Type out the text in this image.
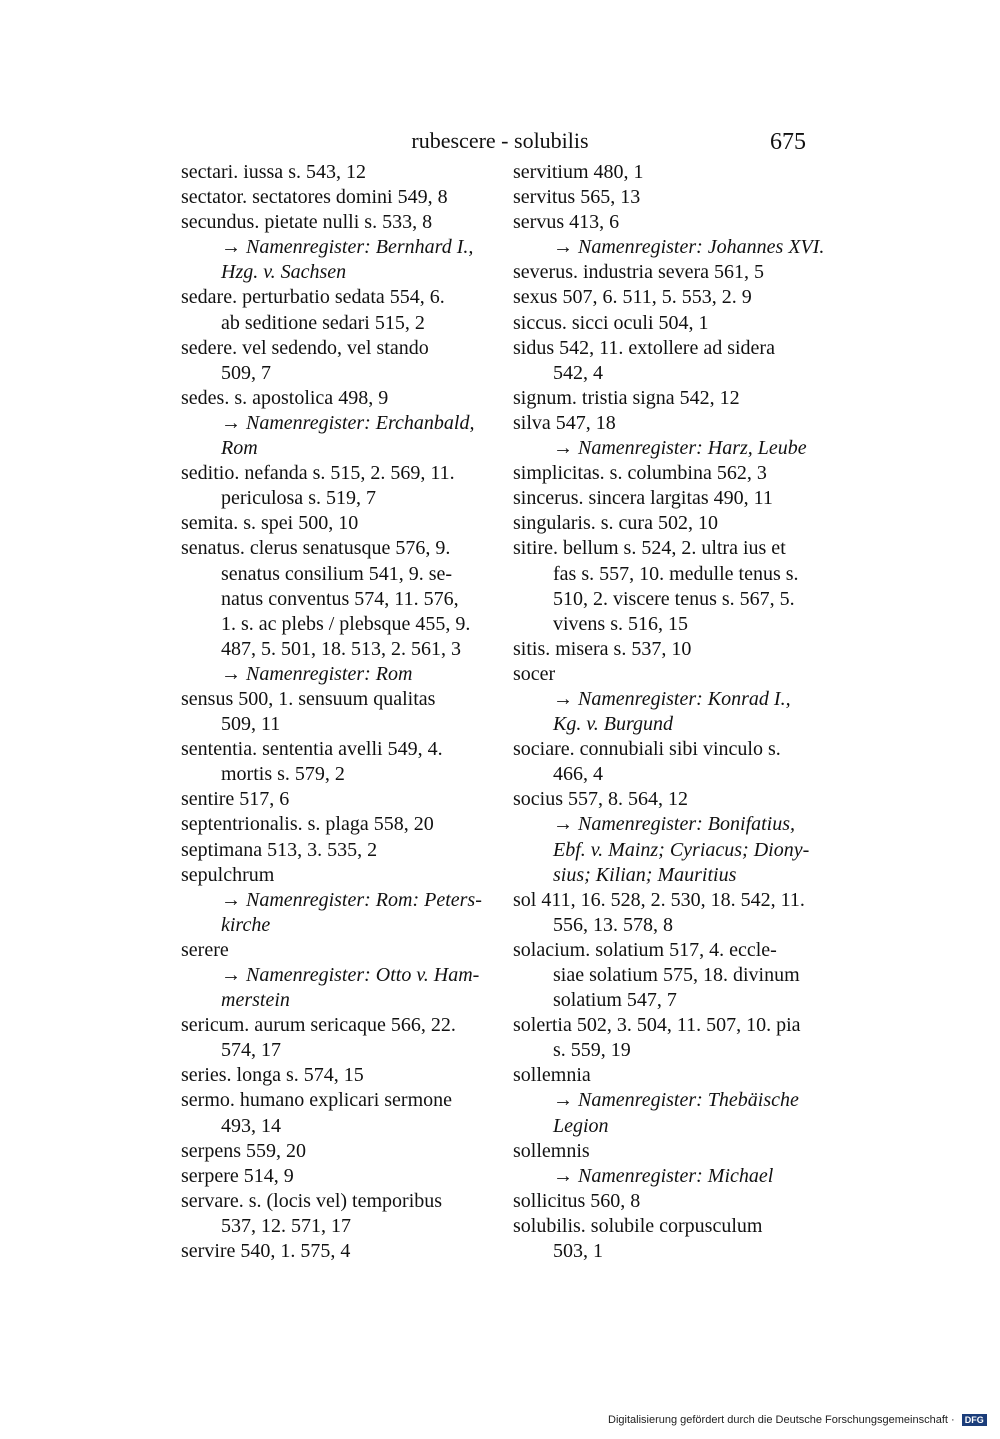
rubescere - solubilis	675
sectari. iussa s. 543, 12
sectator. sectatores domini 549, 8
secundus. pietate nulli s. 533, 8
→ Namenregister: Bernhard I.,
Hzg. v. Sachsen
sedare. perturbatio sedata 554, 6.
ab seditione sedari 515, 2
sedere. vel sedendo, vel stando
509, 7
sedes. s. apostolica 498, 9
→ Namenregister: Erchanbald,
Rom
seditio. nefanda s. 515, 2. 569, 11.
periculosa s. 519, 7
semita. s. spei 500, 10
senatus. clerus senatusque 576, 9.
senatus consilium 541, 9. se-
natus conventus 574, 11. 576,
1. s. ac plebs / plebsque 455, 9.
487, 5. 501, 18. 513, 2. 561, 3
→ Namenregister: Rom
sensus 500, 1. sensuum qualitas
509, 11
sententia. sententia avelli 549, 4.
mortis s. 579, 2
sentire 517, 6
septentrionalis. s. plaga 558, 20
septimana 513, 3. 535, 2
sepulchrum
→ Namenregister: Rom: Peters-
kirche
serere
→ Namenregister: Otto v. Ham-
merstein
sericum. aurum sericaque 566, 22.
574, 17
series. longa s. 574, 15
sermo. humano explicari sermone
493, 14
serpens 559, 20
serpere 514, 9
servare. s. (locis vel) temporibus
537, 12. 571, 17
servire 540, 1. 575, 4
servitium 480, 1
servitus 565, 13
servus 413, 6
→ Namenregister: Johannes XVI.
severus. industria severa 561, 5
sexus 507, 6. 511, 5. 553, 2. 9
siccus. sicci oculi 504, 1
sidus 542, 11. extollere ad sidera
542, 4
signum. tristia signa 542, 12
silva 547, 18
→ Namenregister: Harz, Leube
simplicitas. s. columbina 562, 3
sincerus. sincera largitas 490, 11
singularis. s. cura 502, 10
sitire. bellum s. 524, 2. ultra ius et
fas s. 557, 10. medulle tenus s.
510, 2. viscere tenus s. 567, 5.
vivens s. 516, 15
sitis. misera s. 537, 10
socer
→ Namenregister: Konrad I.,
Kg. v. Burgund
sociare. connubiali sibi vinculo s.
466, 4
socius 557, 8. 564, 12
→ Namenregister: Bonifatius,
Ebf. v. Mainz; Cyriacus; Diony-
sius; Kilian; Mauritius
sol 411, 16. 528, 2. 530, 18. 542, 11.
556, 13. 578, 8
solacium. solatium 517, 4. eccle-
siae solatium 575, 18. divinum
solatium 547, 7
solertia 502, 3. 504, 11. 507, 10. pia
s. 559, 19
sollemnia
→ Namenregister: Thebäische
Legion
sollemnis
→ Namenregister: Michael
sollicitus 560, 8
solubilis. solubile corpusculum
503, 1
Digitalisierung gefördert durch die Deutsche Forschungsgemeinschaft · DFG
